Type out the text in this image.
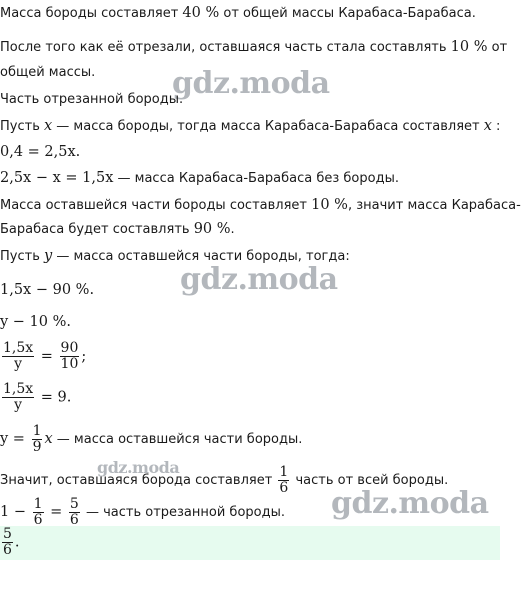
gdz.moda
gdz.moda
gdz.moda
gdz.moda
Масса бороды составляет 40 % от общей массы Карабаса-Барабаса.
После того как её отрезали, оставшаяся часть стала составлять 10 % от
общей массы.
Часть отрезанной бороды.
Пусть x — масса бороды, тогда масса Карабаса-Барабаса составляет x :
0,4 = 2,5x.
2,5x − x = 1,5x — масса Карабаса-Барабаса без бороды.
Масса оставшейся части бороды составляет 10 %, значит масса Карабаса-
Барабаса будет составлять 90 %.
Пусть y — масса оставшейся части бороды, тогда:
1,5x − 90 %.
y − 10 %.
$\frac{1,5x}{y} = \frac{90}{10}$ ;
$\frac{1,5x}{y} = 9$.
$y = \frac{1}{9}$ x — масса оставшейся части бороды.
Значит, оставшаяся борода составляет $\frac{1}{6}$ часть от всей бороды.
$1 - \frac{1}{6} = \frac{5}{6}$ — часть отрезанной бороды.
$\frac{5}{6}$ .
